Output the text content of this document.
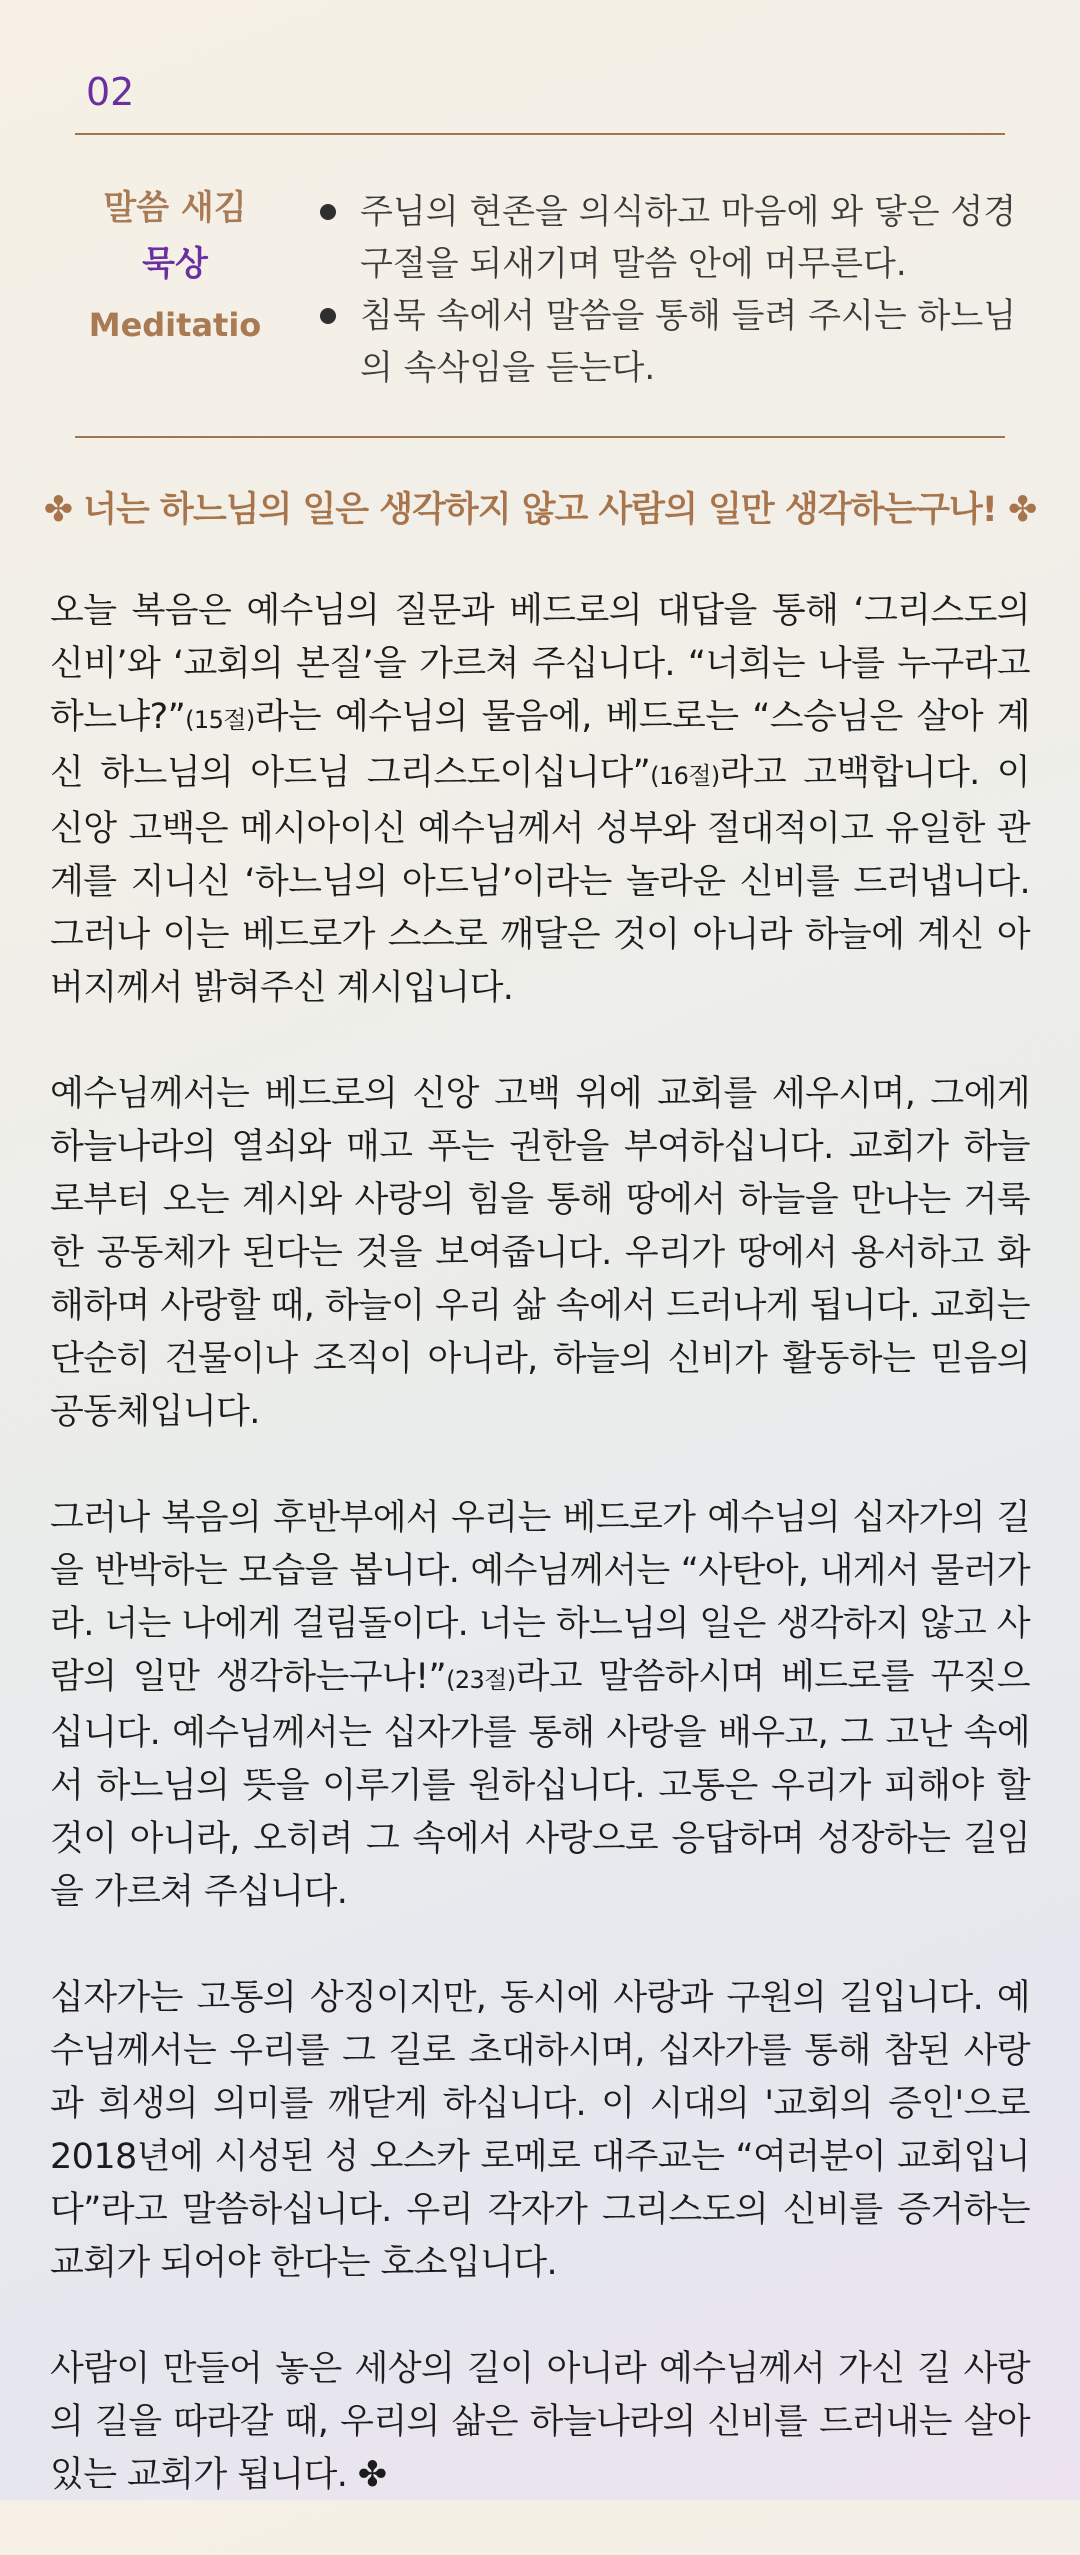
02
말씀 새김
묵상
Meditatio
주님의 현존을 의식하고 마음에 와 닿은 성경구절을 되새기며 말씀 안에 머무른다.
침묵 속에서 말씀을 통해 들려 주시는 하느님의 속삭임을 듣는다.
✤ 너는 하느님의 일은 생각하지 않고 사람의 일만 생각하는구나! ✤

오늘 복음은 예수님의 질문과 베드로의 대답을 통해 ‘그리스도의 신비’와 ‘교회의 본질’을 가르쳐 주십니다. “너희는 나를 누구라고 하느냐?”(15절)라는 예수님의 물음에, 베드로는 “스승님은 살아 계신 하느님의 아드님 그리스도이십니다”(16절)라고 고백합니다. 이 신앙 고백은 메시아이신 예수님께서 성부와 절대적이고 유일한 관계를 지니신 ‘하느님의 아드님’이라는 놀라운 신비를 드러냅니다. 그러나 이는 베드로가 스스로 깨달은 것이 아니라 하늘에 계신 아버지께서 밝혀주신 계시입니다.

예수님께서는 베드로의 신앙 고백 위에 교회를 세우시며, 그에게 하늘나라의 열쇠와 매고 푸는 권한을 부여하십니다. 교회가 하늘로부터 오는 계시와 사랑의 힘을 통해 땅에서 하늘을 만나는 거룩한 공동체가 된다는 것을 보여줍니다. 우리가 땅에서 용서하고 화해하며 사랑할 때, 하늘이 우리 삶 속에서 드러나게 됩니다. 교회는 단순히 건물이나 조직이 아니라, 하늘의 신비가 활동하는 믿음의 공동체입니다.

그러나 복음의 후반부에서 우리는 베드로가 예수님의 십자가의 길을 반박하는 모습을 봅니다. 예수님께서는 “사탄아, 내게서 물러가라. 너는 나에게 걸림돌이다. 너는 하느님의 일은 생각하지 않고 사람의 일만 생각하는구나!”(23절)라고 말씀하시며 베드로를 꾸짖으십니다. 예수님께서는 십자가를 통해 사랑을 배우고, 그 고난 속에서 하느님의 뜻을 이루기를 원하십니다. 고통은 우리가 피해야 할 것이 아니라, 오히려 그 속에서 사랑으로 응답하며 성장하는 길임을 가르쳐 주십니다.

십자가는 고통의 상징이지만, 동시에 사랑과 구원의 길입니다. 예수님께서는 우리를 그 길로 초대하시며, 십자가를 통해 참된 사랑과 희생의 의미를 깨닫게 하십니다. 이 시대의 '교회의 증인'으로 2018년에 시성된 성 오스카 로메로 대주교는 “여러분이 교회입니다”라고 말씀하십니다. 우리 각자가 그리스도의 신비를 증거하는 교회가 되어야 한다는 호소입니다.

사람이 만들어 놓은 세상의 길이 아니라 예수님께서 가신 길 사랑의 길을 따라갈 때, 우리의 삶은 하늘나라의 신비를 드러내는 살아 있는 교회가 됩니다. ✤
